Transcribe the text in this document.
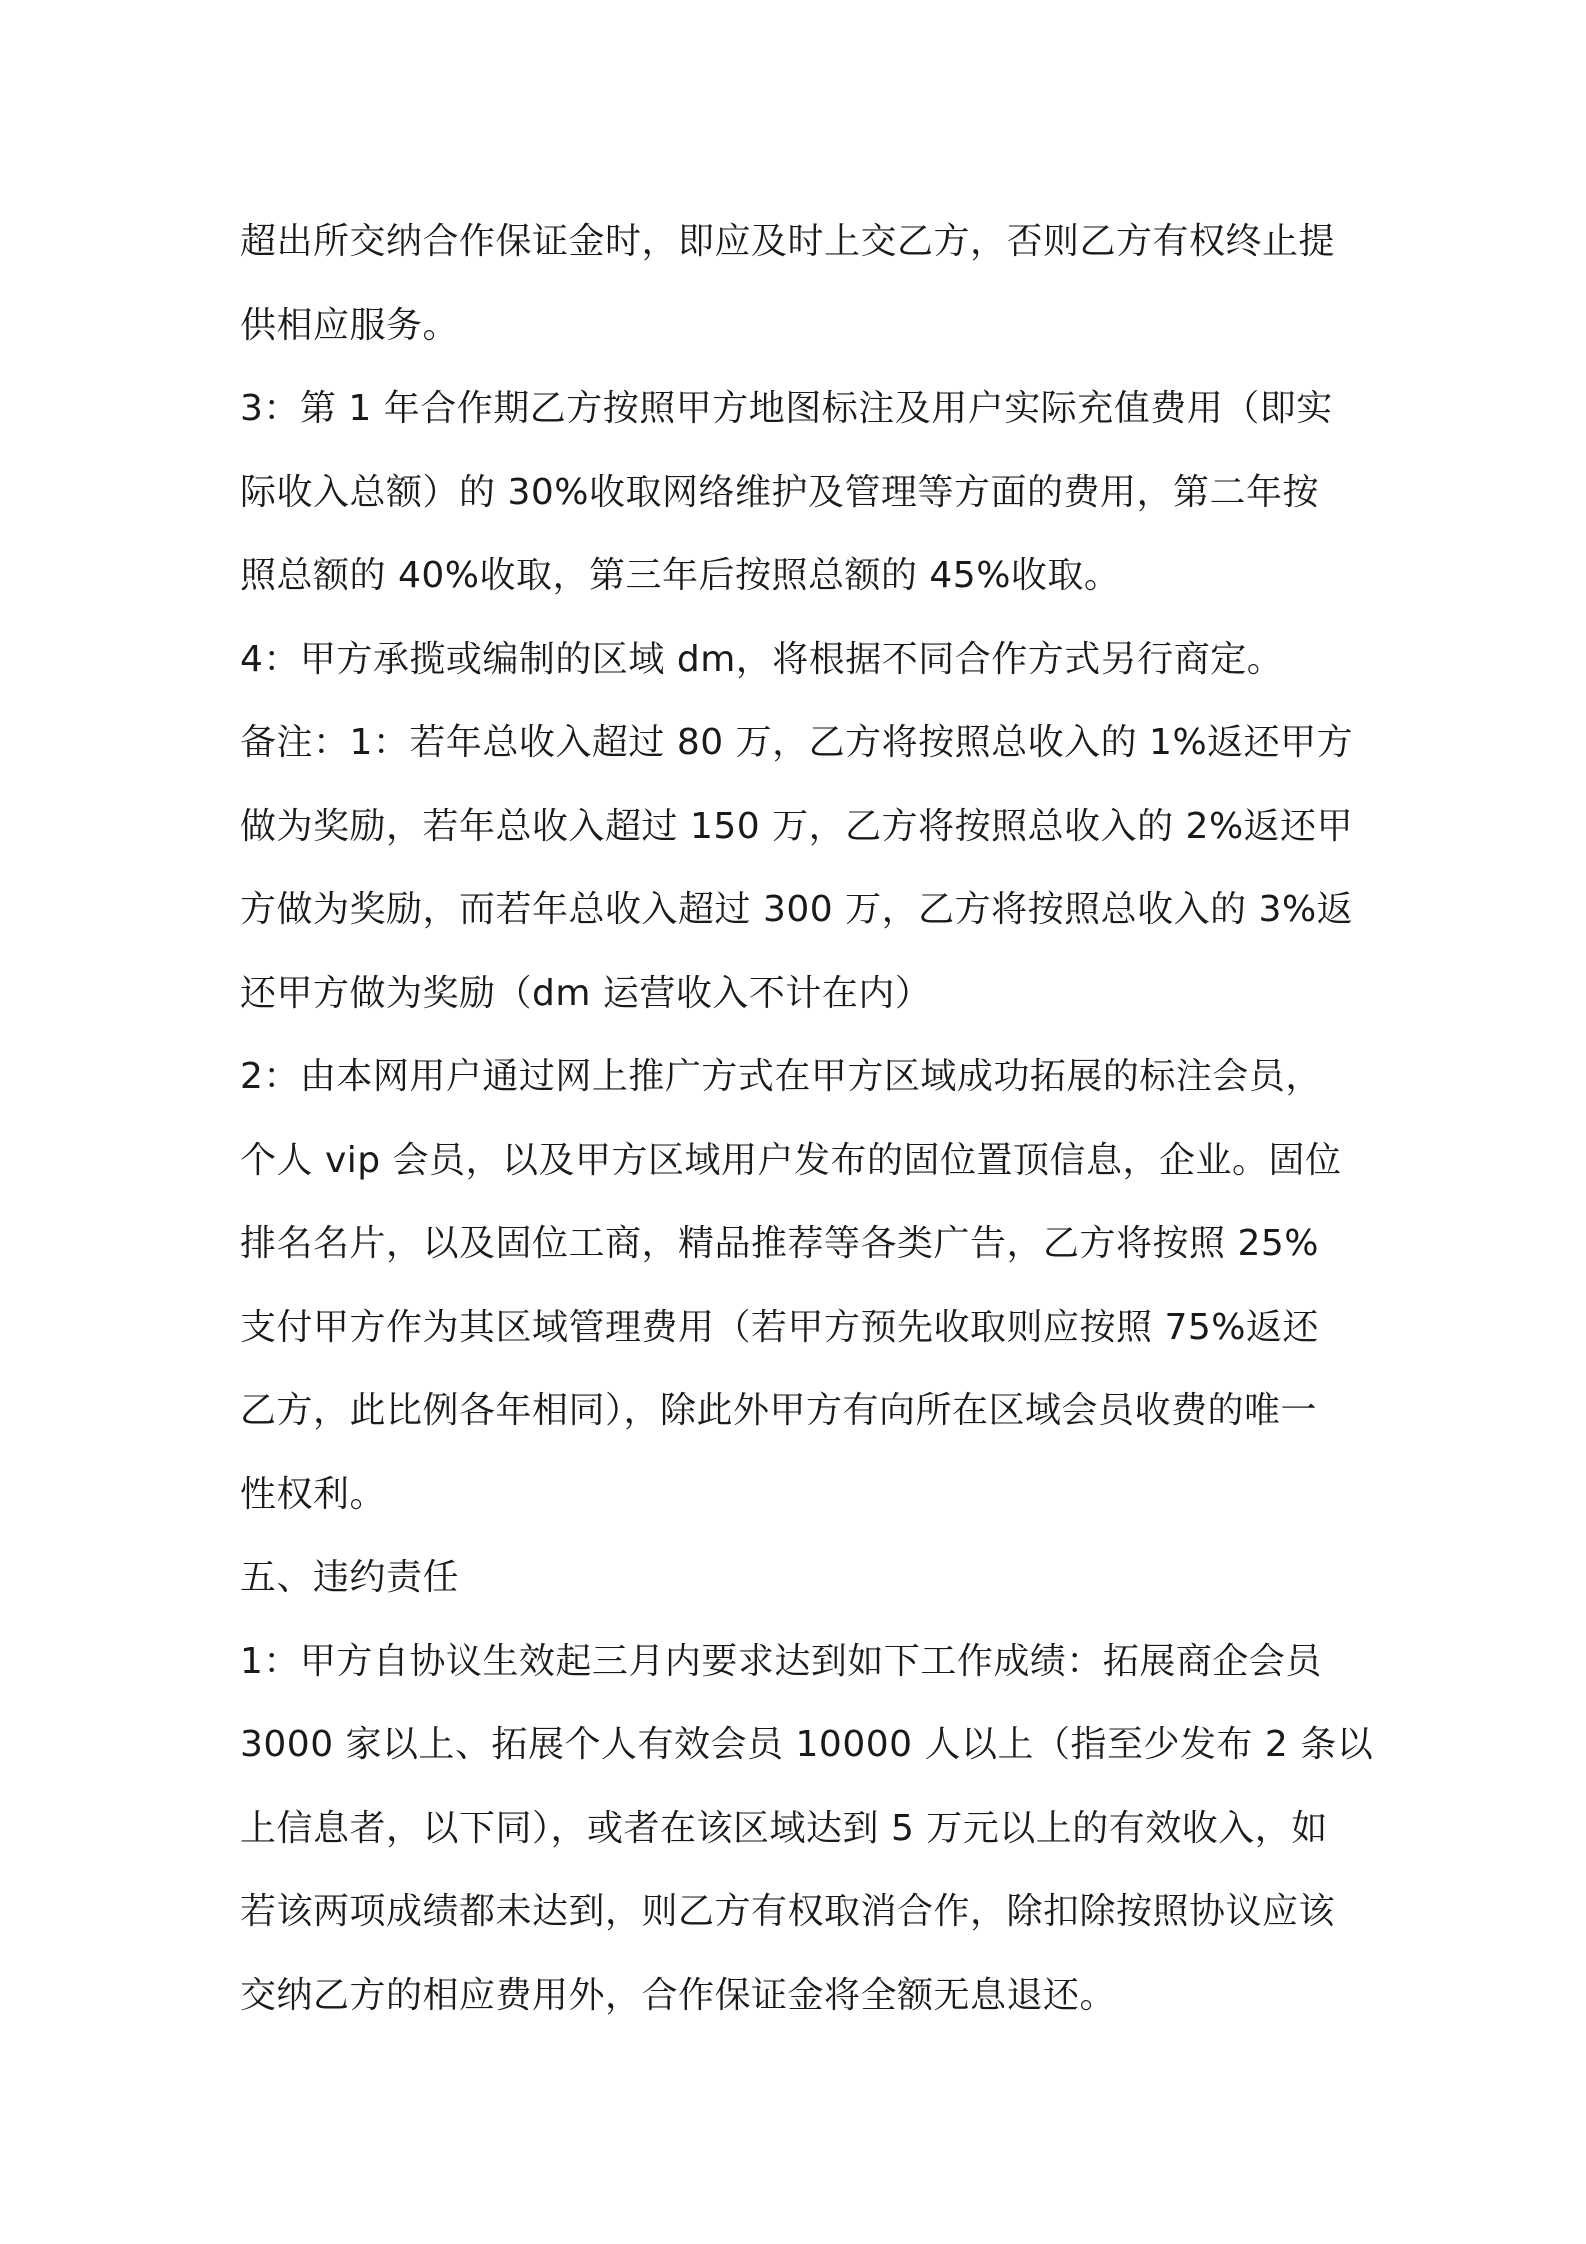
超出所交纳合作保证金时，即应及时上交乙方，否则乙方有权终止提
供相应服务。
3：第 1 年合作期乙方按照甲方地图标注及用户实际充值费用（即实
际收入总额）的 30%收取网络维护及管理等方面的费用，第二年按
照总额的 40%收取，第三年后按照总额的 45%收取。
4：甲方承揽或编制的区域 dm，将根据不同合作方式另行商定。
备注：1：若年总收入超过 80 万，乙方将按照总收入的 1%返还甲方
做为奖励，若年总收入超过 150 万，乙方将按照总收入的 2%返还甲
方做为奖励，而若年总收入超过 300 万，乙方将按照总收入的 3%返
还甲方做为奖励（dm 运营收入不计在内）
2：由本网用户通过网上推广方式在甲方区域成功拓展的标注会员，
个人 vip 会员，以及甲方区域用户发布的固位置顶信息，企业。固位
排名名片，以及固位工商，精品推荐等各类广告，乙方将按照 25%
支付甲方作为其区域管理费用（若甲方预先收取则应按照 75%返还
乙方，此比例各年相同），除此外甲方有向所在区域会员收费的唯一
性权利。
五、违约责任
1：甲方自协议生效起三月内要求达到如下工作成绩：拓展商企会员
3000 家以上、拓展个人有效会员 10000 人以上（指至少发布 2 条以
上信息者，以下同），或者在该区域达到 5 万元以上的有效收入，如
若该两项成绩都未达到，则乙方有权取消合作，除扣除按照协议应该
交纳乙方的相应费用外，合作保证金将全额无息退还。
